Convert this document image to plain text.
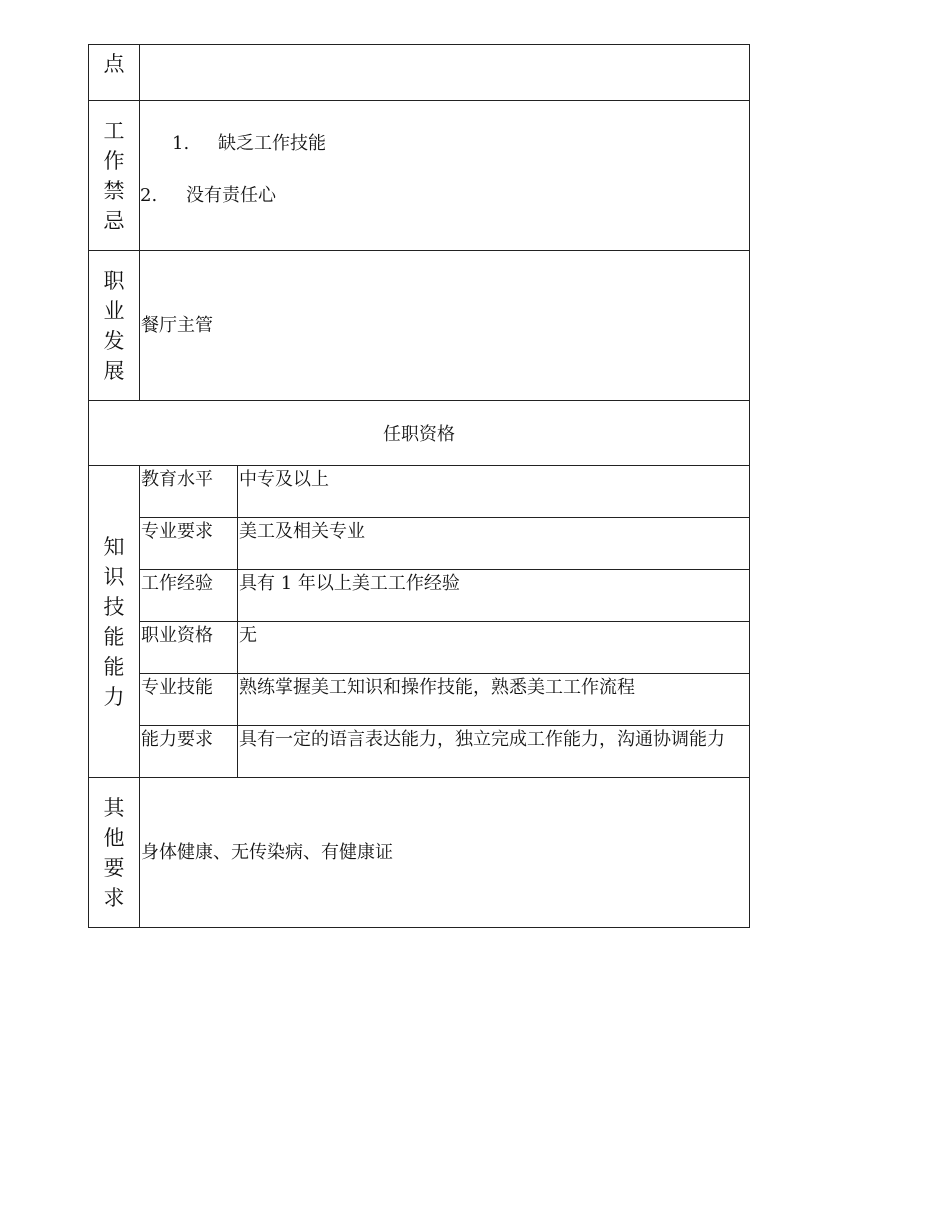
点		

工作禁忌	1. 缺乏工作技能
2. 没有责任心	

职业发展	餐厅主管	

任职资格		

知识技能能力	教育水平	中专及以上
	专业要求	美工及相关专业
	工作经验	具有 1 年以上美工工作经验
	职业资格	无
	专业技能	熟练掌握美工知识和操作技能，熟悉美工工作流程
	能力要求	具有一定的语言表达能力，独立完成工作能力，沟通协调能力

其他要求	身体健康、无传染病、有健康证	
